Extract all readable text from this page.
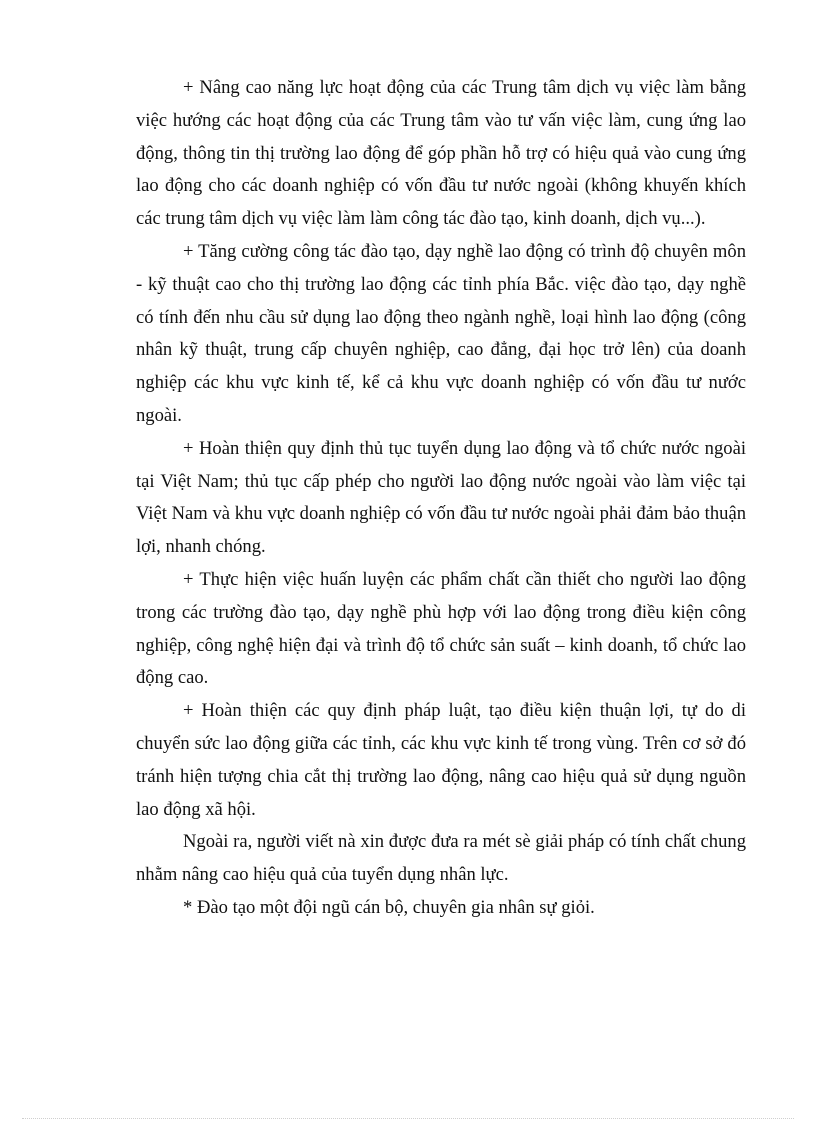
+ Nâng cao năng lực hoạt động của các Trung tâm dịch vụ việc làm bằng việc hướng các hoạt động của các Trung tâm vào tư vấn việc làm, cung ứng lao động, thông tin thị trường lao động để góp phần hỗ trợ có hiệu quả vào cung ứng lao động cho các doanh nghiệp có vốn đầu tư nước ngoài (không khuyến khích các trung tâm dịch vụ việc làm làm công tác đào tạo, kinh doanh, dịch vụ...).

+ Tăng cường công tác đào tạo, dạy nghề lao động có trình độ chuyên môn - kỹ thuật cao cho thị trường lao động các tỉnh phía Bắc. việc đào tạo, dạy nghề có tính đến nhu cầu sử dụng lao động theo ngành nghề, loại hình lao động (công nhân kỹ thuật, trung cấp chuyên nghiệp, cao đẳng, đại học trở lên) của doanh nghiệp các khu vực kinh tế, kể cả khu vực doanh nghiệp có vốn đầu tư nước ngoài.

+ Hoàn thiện quy định thủ tục tuyển dụng lao động và tổ chức nước ngoài tại Việt Nam; thủ tục cấp phép cho người lao động nước ngoài vào làm việc tại Việt Nam và khu vực doanh nghiệp có vốn đầu tư nước ngoài phải đảm bảo thuận lợi, nhanh chóng.

+ Thực hiện việc huấn luyện các phẩm chất cần thiết cho người lao động trong các trường đào tạo, dạy nghề phù hợp với lao động trong điều kiện công nghiệp, công nghệ hiện đại và trình độ tổ chức sản suất – kinh doanh, tổ chức lao động cao.

+ Hoàn thiện các quy định pháp luật, tạo điều kiện thuận lợi, tự do di chuyển sức lao động giữa các tỉnh, các khu vực kinh tế trong vùng. Trên cơ sở đó tránh hiện tượng chia cắt thị trường lao động, nâng cao hiệu quả sử dụng nguồn lao động xã hội.

Ngoài ra, người viết nà xin được đưa ra mét sè giải pháp có tính chất chung nhằm nâng cao hiệu quả của tuyển dụng nhân lực.

* Đào tạo một đội ngũ cán bộ, chuyên gia nhân sự giỏi.
